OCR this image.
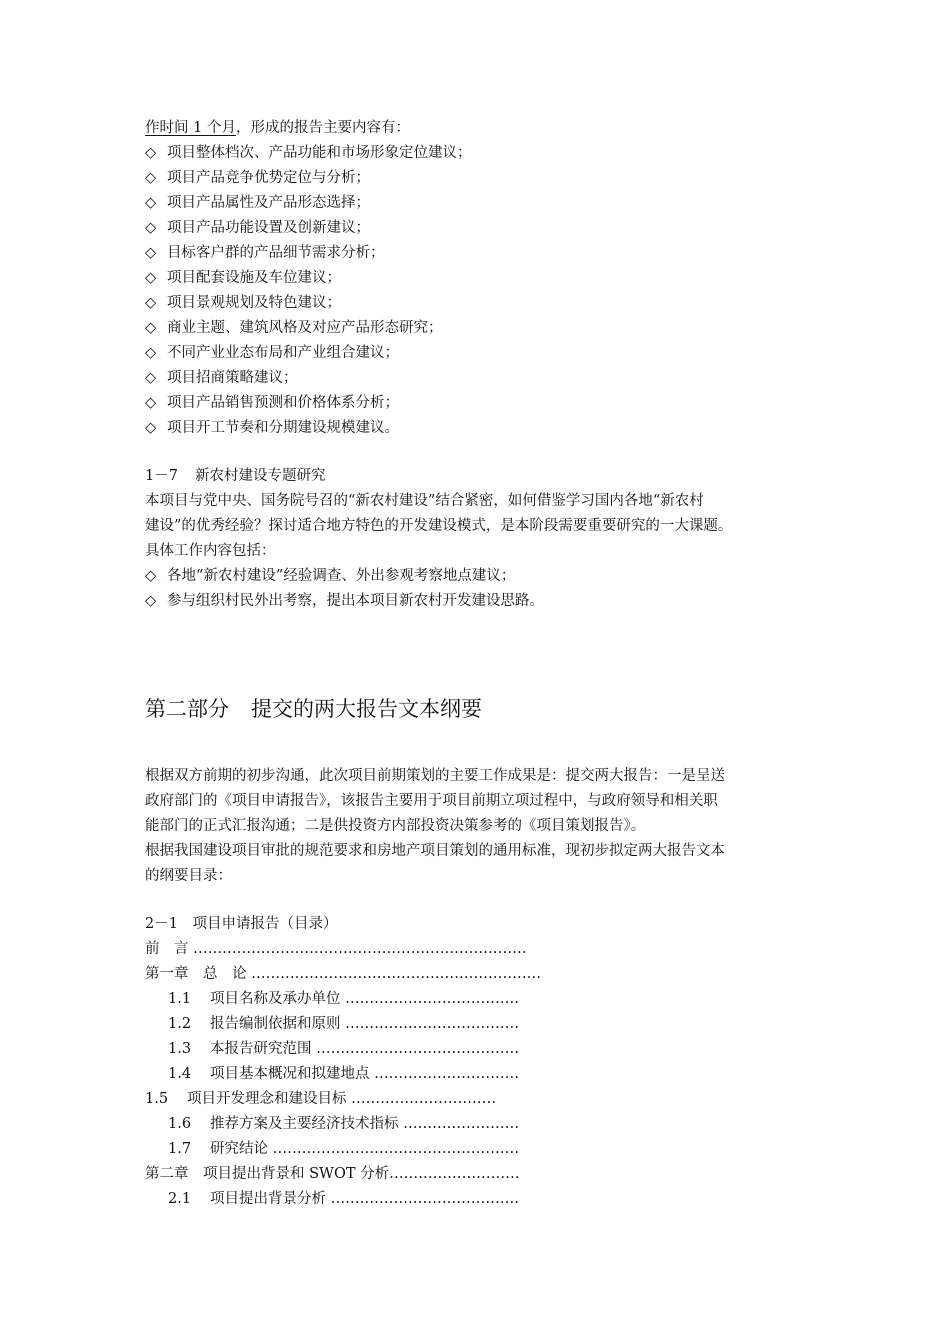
作时间 1 个月，形成的报告主要内容有：
◇ 项目整体档次、产品功能和市场形象定位建议；
◇ 项目产品竞争优势定位与分析；
◇ 项目产品属性及产品形态选择；
◇ 项目产品功能设置及创新建议；
◇ 目标客户群的产品细节需求分析；
◇ 项目配套设施及车位建议；
◇ 项目景观规划及特色建议；
◇ 商业主题、建筑风格及对应产品形态研究；
◇ 不同产业业态布局和产业组合建议；
◇ 项目招商策略建议；
◇ 项目产品销售预测和价格体系分析；
◇ 项目开工节奏和分期建设规模建议。
1－7 新农村建设专题研究
本项目与党中央、国务院号召的“新农村建设”结合紧密，如何借鉴学习国内各地“新农村
建设”的优秀经验？探讨适合地方特色的开发建设模式，是本阶段需要重要研究的一大课题。
具体工作内容包括：
◇ 各地“新农村建设”经验调查、外出参观考察地点建议；
◇ 参与组织村民外出考察，提出本项目新农村开发建设思路。
第二部分 提交的两大报告文本纲要
根据双方前期的初步沟通，此次项目前期策划的主要工作成果是：提交两大报告：一是呈送
政府部门的《项目申请报告》，该报告主要用于项目前期立项过程中，与政府领导和相关职
能部门的正式汇报沟通；二是供投资方内部投资决策参考的《项目策划报告》。
根据我国建设项目审批的规范要求和房地产项目策划的通用标准，现初步拟定两大报告文本
的纲要目录：
2－1　项目申请报告（目录）
前　言 ……………………………………………………………
第一章　总　论 ……………………………………………………
1.1 项目名称及承办单位 ………………………………
1.2 报告编制依据和原则 ………………………………
1.3 本报告研究范围 ……………………………………
1.4 项目基本概况和拟建地点 …………………………
1.5 项目开发理念和建设目标 …………………………
1.6 推荐方案及主要经济技术指标 ……………………
1.7 研究结论 ……………………………………………
第二章　项目提出背景和 SWOT 分析………………………
2.1 项目提出背景分析 …………………………………
